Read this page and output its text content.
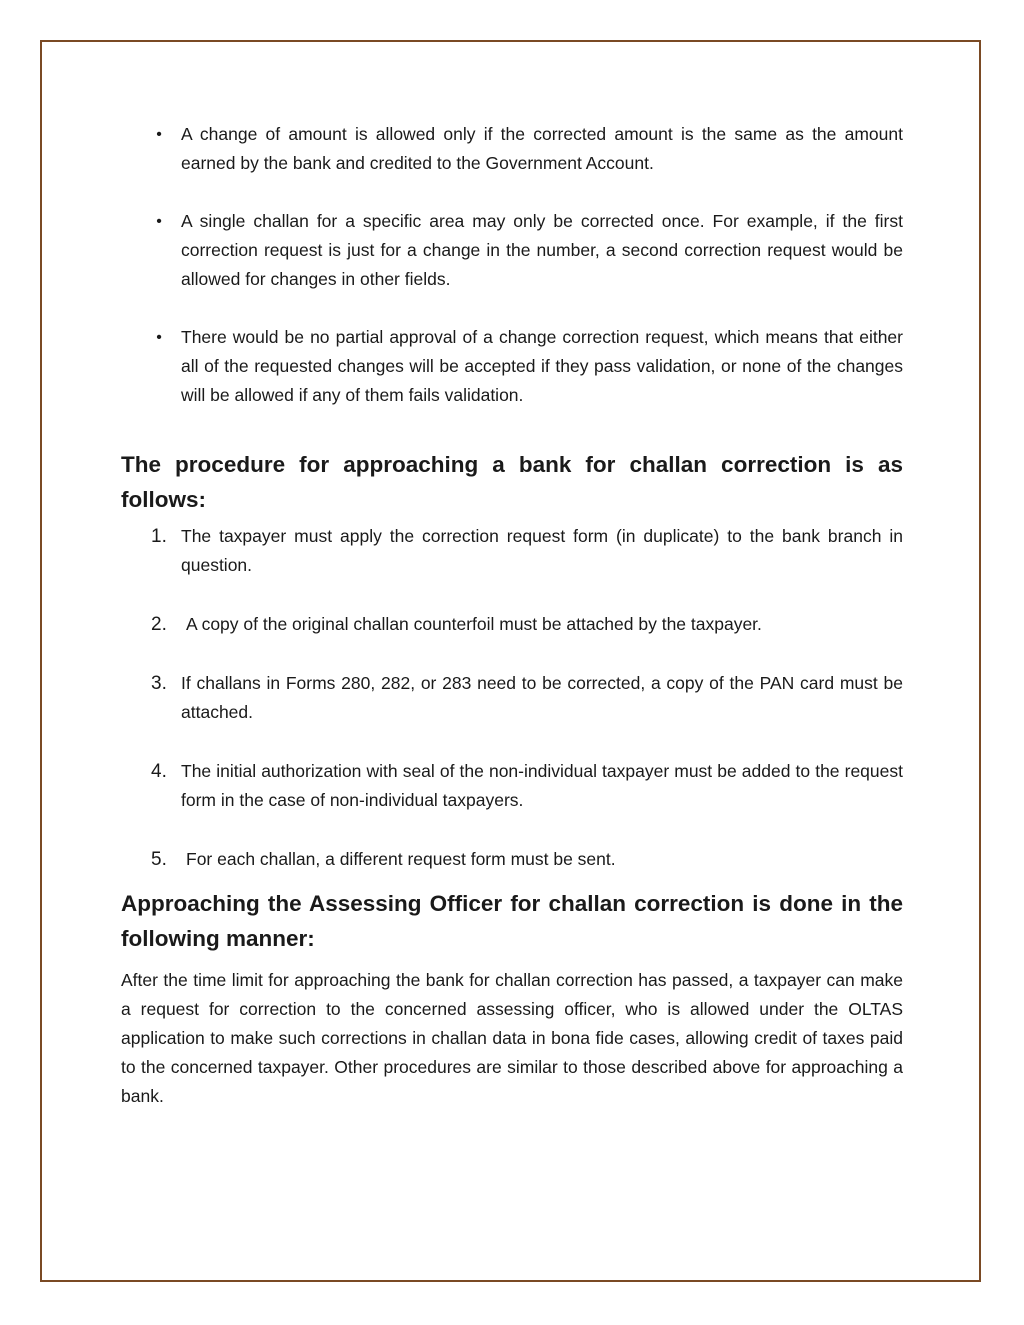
• A change of amount is allowed only if the corrected amount is the same as the amount earned by the bank and credited to the Government Account.
• A single challan for a specific area may only be corrected once. For example, if the first correction request is just for a change in the number, a second correction request would be allowed for changes in other fields.
• There would be no partial approval of a change correction request, which means that either all of the requested changes will be accepted if they pass validation, or none of the changes will be allowed if any of them fails validation.
The procedure for approaching a bank for challan correction is as follows:
1. The taxpayer must apply the correction request form (in duplicate) to the bank branch in question.
2. A copy of the original challan counterfoil must be attached by the taxpayer.
3. If challans in Forms 280, 282, or 283 need to be corrected, a copy of the PAN card must be attached.
4. The initial authorization with seal of the non-individual taxpayer must be added to the request form in the case of non-individual taxpayers.
5. For each challan, a different request form must be sent.
Approaching the Assessing Officer for challan correction is done in the following manner:

After the time limit for approaching the bank for challan correction has passed, a taxpayer can make a request for correction to the concerned assessing officer, who is allowed under the OLTAS application to make such corrections in challan data in bona fide cases, allowing credit of taxes paid to the concerned taxpayer. Other procedures are similar to those described above for approaching a bank.
